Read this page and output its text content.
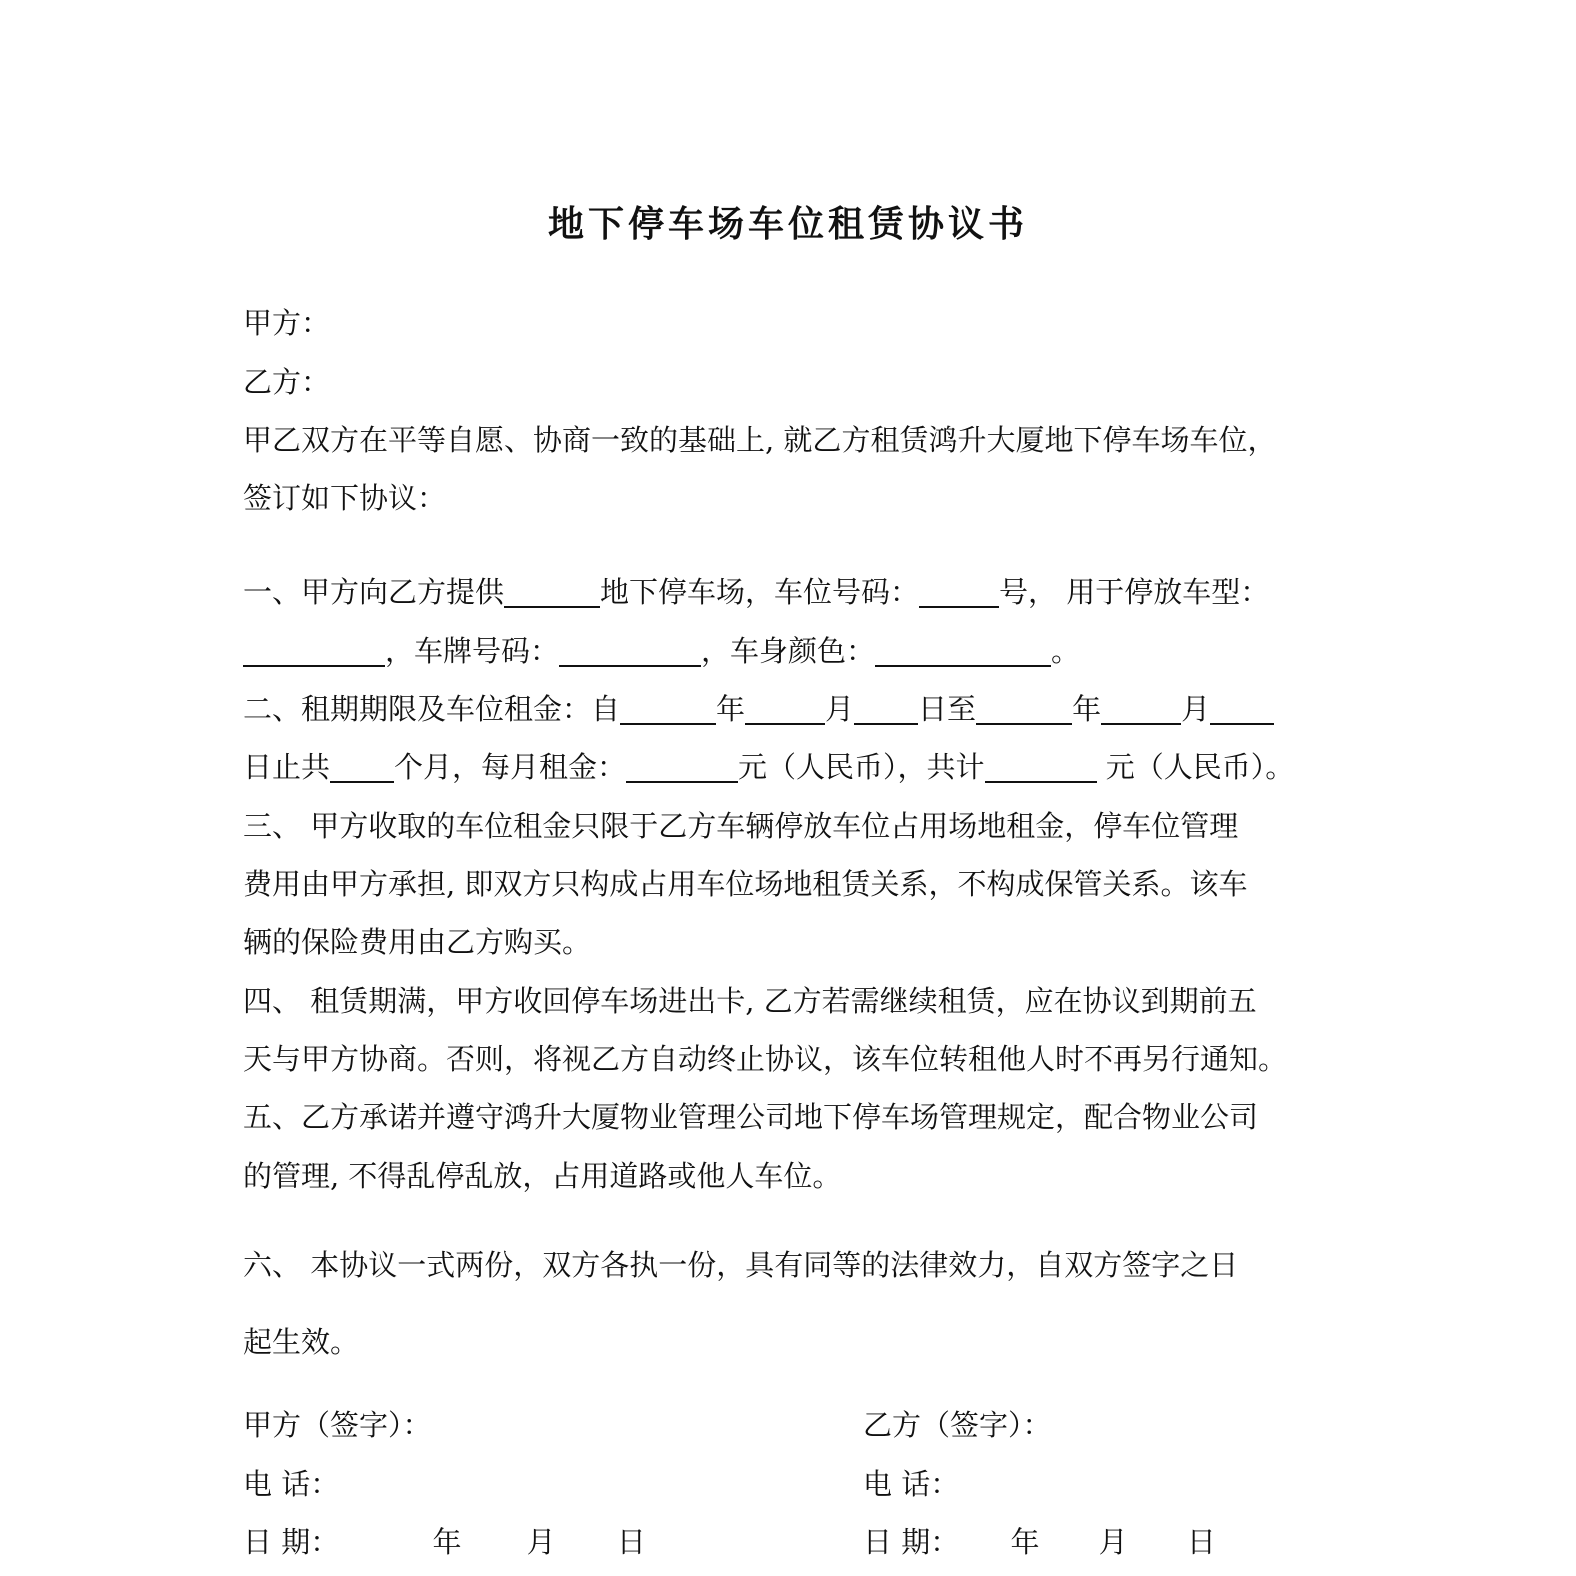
地下停车场车位租赁协议书
甲方：
乙方：
甲乙双方在平等自愿、协商一致的基础上, 就乙方租赁鸿升大厦地下停车场车位，
签订如下协议：
一、甲方向乙方提供	地下停车场，车位号码：	号， 用于停放车型：
，车牌号码：	，车身颜色：	。
二、租期期限及车位租金：自	年	月 日至	年	月
日止共 个月，每月租金：	元（人民币），共计	元（人民币）。
三、 甲方收取的车位租金只限于乙方车辆停放车位占用场地租金，停车位管理
费用由甲方承担, 即双方只构成占用车位场地租赁关系，不构成保管关系。该车
辆的保险费用由乙方购买。
四、 租赁期满，甲方收回停车场进出卡, 乙方若需继续租赁，应在协议到期前五
天与甲方协商。否则，将视乙方自动终止协议，该车位转租他人时不再另行通知。
五、乙方承诺并遵守鸿升大厦物业管理公司地下停车场管理规定，配合物业公司
的管理, 不得乱停乱放，占用道路或他人车位。
六、 本协议一式两份，双方各执一份，具有同等的法律效力，自双方签字之日
起生效。
甲方（签字）：	乙方（签字）：
电 话：	电 话：
日 期：	年 月 日	日 期： 年 月 日
